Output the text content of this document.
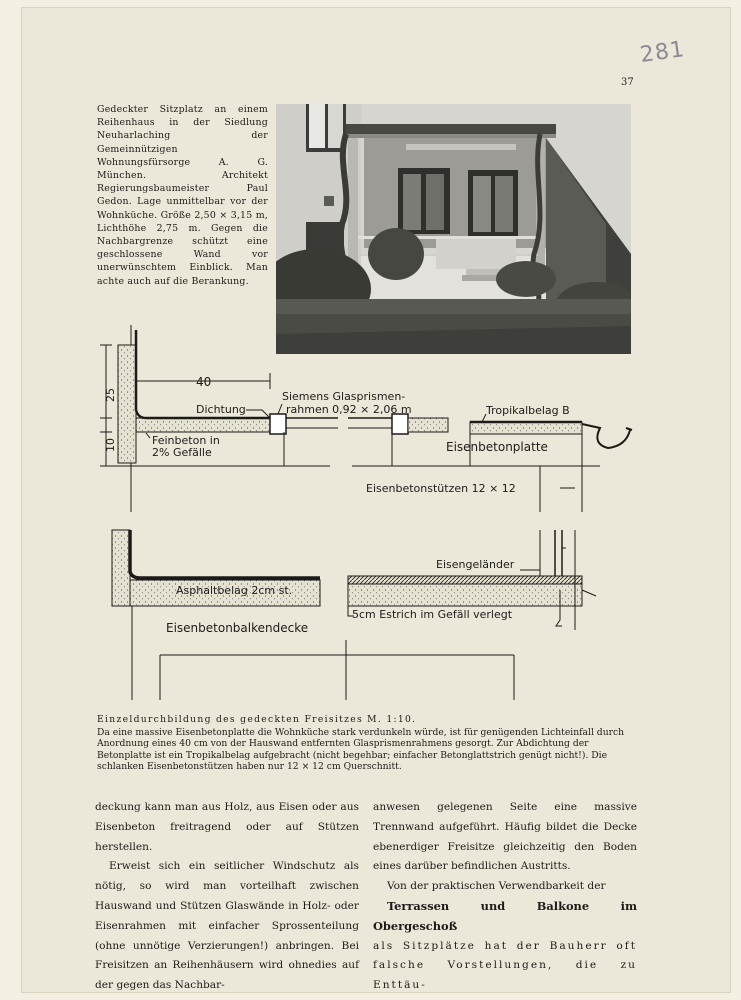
281
37
Gedeckter Sitzplatz an einem Reihenhaus in der Siedlung Neuharlaching der Gemeinnützigen Wohnungsfürsorge A. G. München. Architekt Regierungsbaumeister Paul Gedon. Lage unmittelbar vor der Wohnküche. Größe 2,50 × 3,15 m, Lichthöhe 2,75 m. Gegen die Nachbargrenze schützt eine geschlossene Wand vor unerwünschtem Einblick. Man achte auch auf die Berankung.
25
10
40
Siemens Glasprismen-
rahmen 0,92 × 2,06 m
Dichtung	Tropikalbelag B
Feinbeton in
2% Gefälle	Eisenbetonplatte
Eisenbetonstützen 12 × 12
Eisengeländer
Asphaltbelag 2cm st.
5cm Estrich im Gefäll verlegt
Eisenbetonbalkendecke
Einzeldurchbildung des gedeckten Freisitzes M. 1:10.
Da eine massive Eisenbetonplatte die Wohnküche stark verdunkeln würde, ist für genügenden Lichteinfall durch Anordnung eines 40 cm von der Hauswand entfernten Glasprismenrahmens gesorgt. Zur Abdichtung der Betonplatte ist ein Tropikalbelag aufgebracht (nicht begehbar; einfacher Betonglattstrich genügt nicht!). Die schlanken Eisenbetonstützen haben nur 12 × 12 cm Querschnitt.

deckung kann man aus Holz, aus Eisen oder aus Eisenbeton freitragend oder auf Stützen herstellen.

Erweist sich ein seitlicher Windschutz als nötig, so wird man vorteilhaft zwischen Hauswand und Stützen Glaswände in Holz- oder Eisenrahmen mit einfacher Sprossenteilung (ohne unnötige Verzierungen!) anbringen. Bei Freisitzen an Reihenhäusern wird ohnedies auf der gegen das Nachbar-

anwesen gelegenen Seite eine massive Trennwand aufgeführt. Häufig bildet die Decke ebenerdiger Freisitze gleichzeitig den Boden eines darüber befindlichen Austritts.

Von der praktischen Verwendbarkeit der

Terrassen und Balkone im Obergeschoß

als Sitzplätze hat der Bauherr oft falsche Vorstellungen, die zu Enttäu-
